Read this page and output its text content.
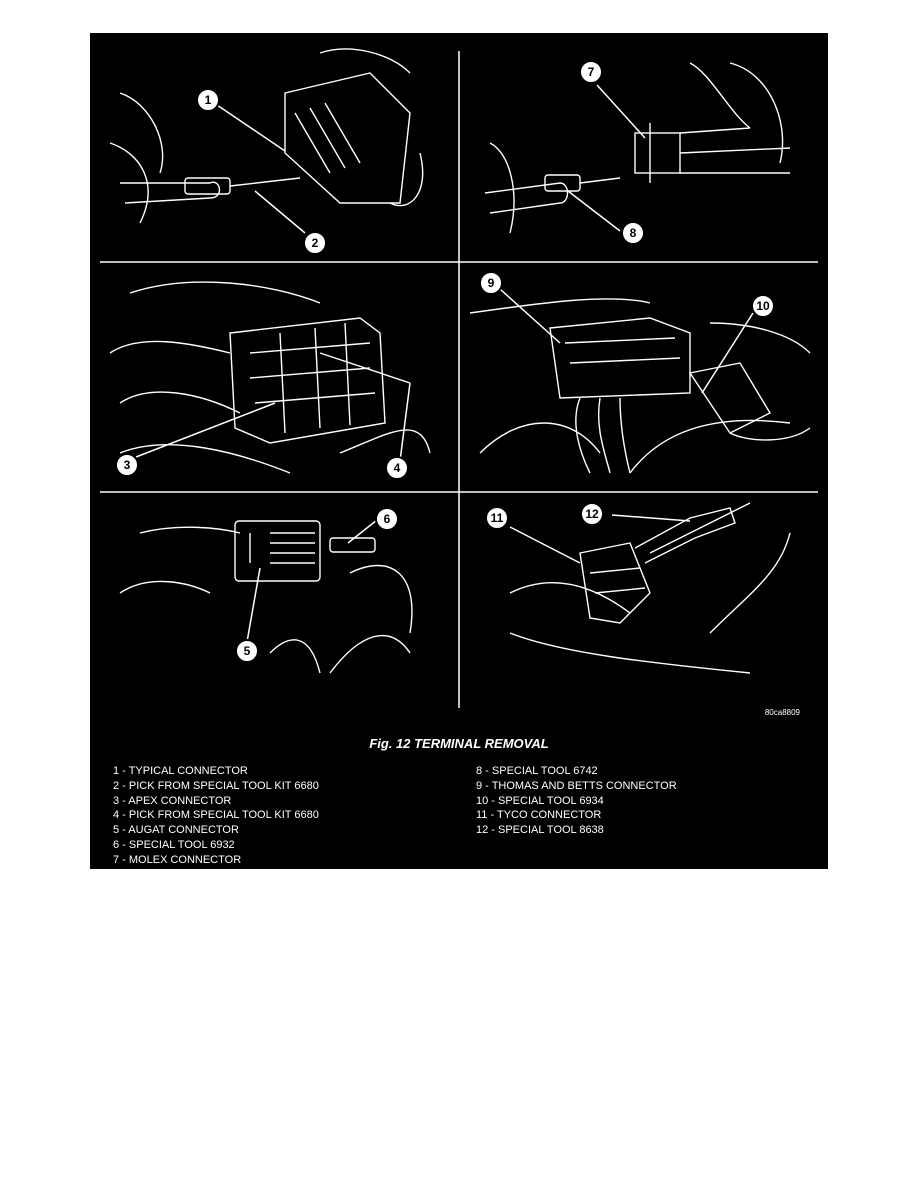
1
2
3	4
5
6
7
8
9
10
11	12
80ca8809
Fig. 12 TERMINAL REMOVAL
1 - TYPICAL CONNECTOR
2 - PICK FROM SPECIAL TOOL KIT 6680
3 - APEX CONNECTOR
4 - PICK FROM SPECIAL TOOL KIT 6680
5 - AUGAT CONNECTOR
6 - SPECIAL TOOL 6932
7 - MOLEX CONNECTOR
8 - SPECIAL TOOL 6742
9 - THOMAS AND BETTS CONNECTOR
10 - SPECIAL TOOL 6934
11 - TYCO CONNECTOR
12 - SPECIAL TOOL 8638
